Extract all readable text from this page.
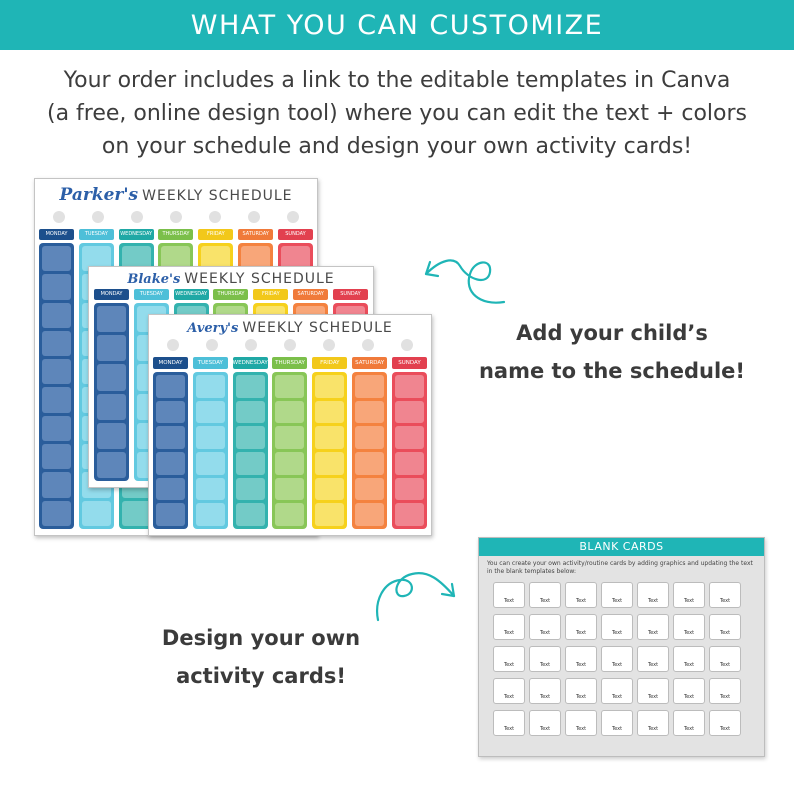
WHAT YOU CAN CUSTOMIZE
Your order includes a link to the editable templates in Canva
(a free, online design tool) where you can edit the text + colors
on your schedule and design your own activity cards!
Parker's WEEKLY SCHEDULE
MONDAY	TUESDAY	WEDNESDAY	THURSDAY	FRIDAY	SATURDAY	SUNDAY
Blake's WEEKLY SCHEDULE
MONDAY	TUESDAY	WEDNESDAY	THURSDAY	FRIDAY	SATURDAY	SUNDAY
Avery's WEEKLY SCHEDULE
MONDAY	TUESDAY	WEDNESDAY	THURSDAY	FRIDAY	SATURDAY	SUNDAY
Add your child’s
name to the schedule!
Design your own
activity cards!
BLANK CARDS
You can create your own activity/routine cards by adding graphics and updating the text
in the blank templates below:
Text	Text	Text	Text	Text	Text	Text
Text	Text	Text	Text	Text	Text	Text
Text	Text	Text	Text	Text	Text	Text
Text	Text	Text	Text	Text	Text	Text
Text	Text	Text	Text	Text	Text	Text
